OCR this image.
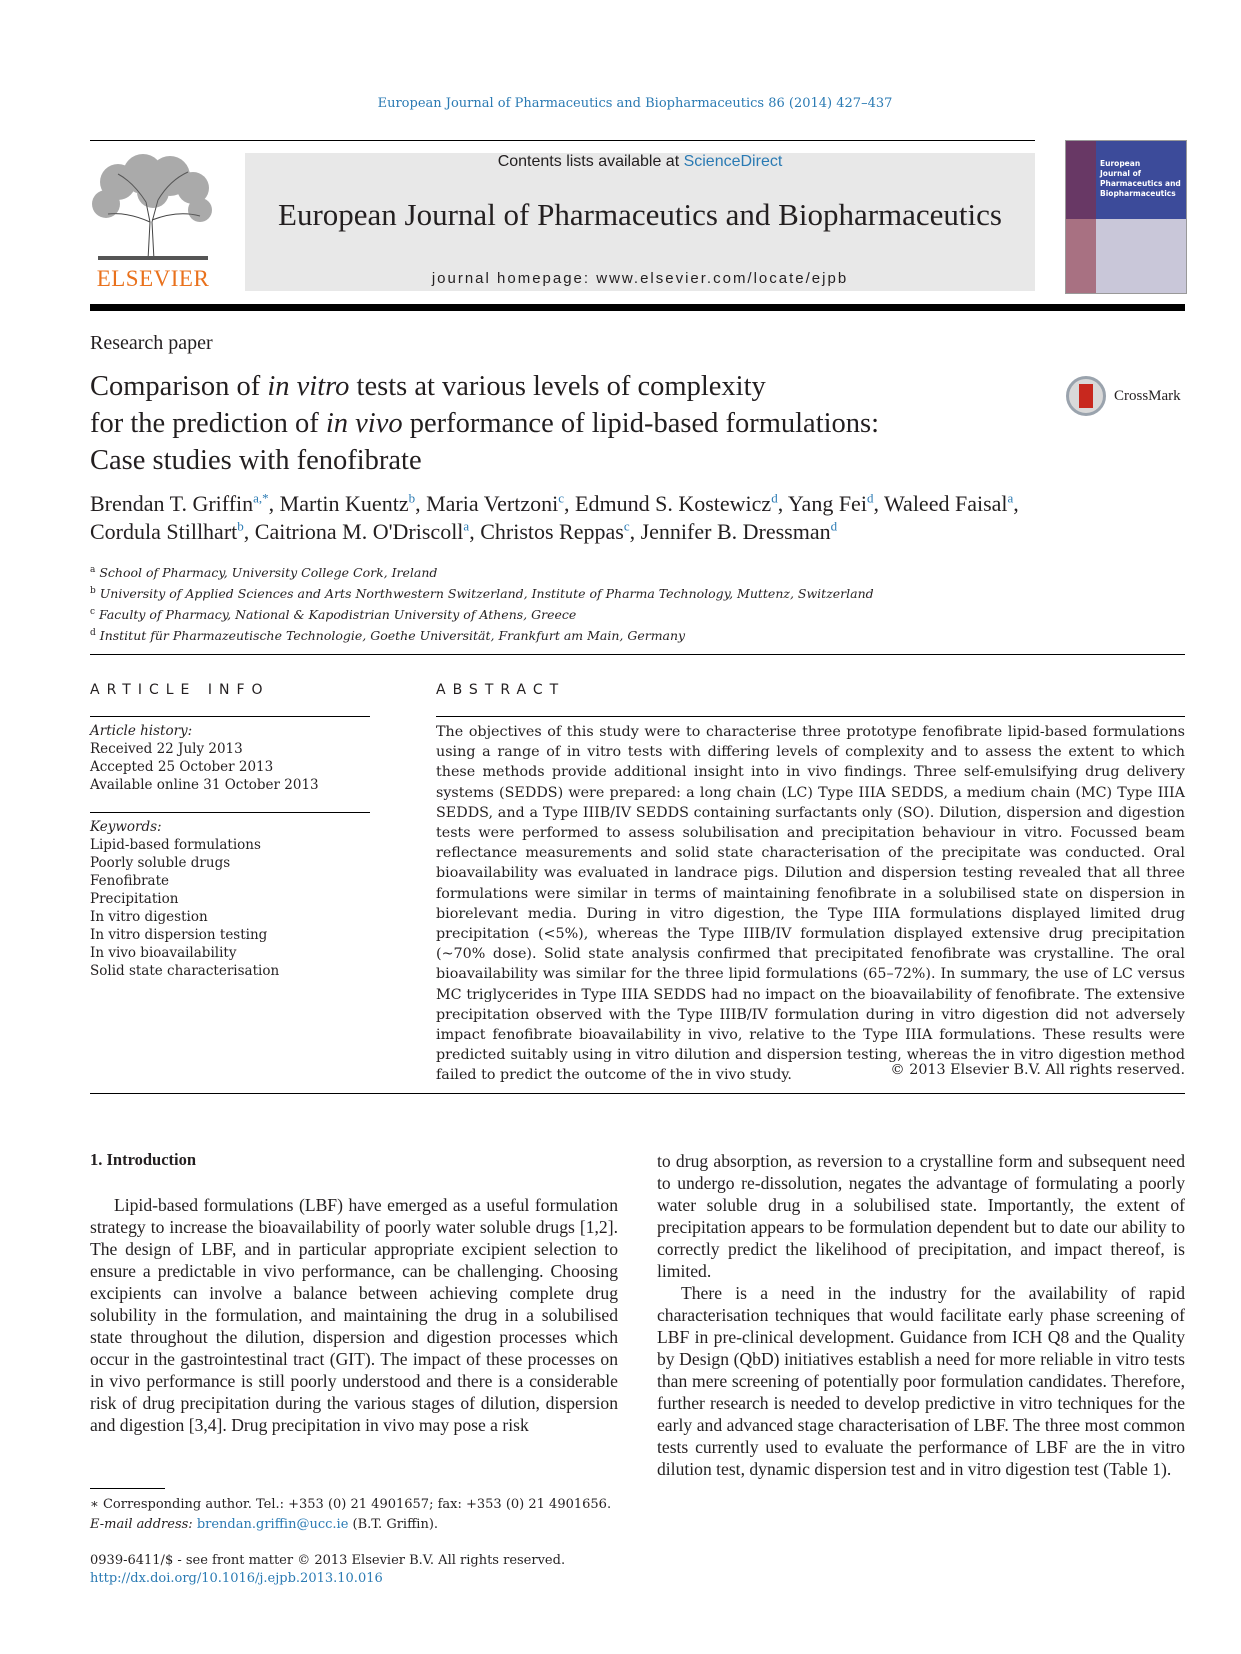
European Journal of Pharmaceutics and Biopharmaceutics 86 (2014) 427–437
ELSEVIER
Contents lists available at ScienceDirect
European Journal of Pharmaceutics and Biopharmaceutics
journal homepage: www.elsevier.com/locate/ejpb
European
Journal of
Pharmaceutics and
Biopharmaceutics
Research paper
Comparison of in vitro tests at various levels of complexity
for the prediction of in vivo performance of lipid-based formulations:
Case studies with fenofibrate
CrossMark
Brendan T. Griffin$^{a,*}$, Martin Kuentz$^b$, Maria Vertzoni$^c$, Edmund S. Kostewicz$^d$, Yang Fei$^d$, Waleed Faisal$^a$,
Cordula Stillhart$^b$, Caitriona M. O'Driscoll$^a$, Christos Reppas$^c$, Jennifer B. Dressman$^d$
$^a$ School of Pharmacy, University College Cork, Ireland
$^b$ University of Applied Sciences and Arts Northwestern Switzerland, Institute of Pharma Technology, Muttenz, Switzerland
$^c$ Faculty of Pharmacy, National & Kapodistrian University of Athens, Greece
$^d$ Institut für Pharmazeutische Technologie, Goethe Universität, Frankfurt am Main, Germany
ARTICLE INFO	ABSTRACT
Article history:
Received 22 July 2013
Accepted 25 October 2013
Available online 31 October 2013
Keywords:
Lipid-based formulations
Poorly soluble drugs
Fenofibrate
Precipitation
In vitro digestion
In vitro dispersion testing
In vivo bioavailability
Solid state characterisation
The objectives of this study were to characterise three prototype fenofibrate lipid-based formulations using a range of in vitro tests with differing levels of complexity and to assess the extent to which these methods provide additional insight into in vivo findings. Three self-emulsifying drug delivery systems (SEDDS) were prepared: a long chain (LC) Type IIIA SEDDS, a medium chain (MC) Type IIIA SEDDS, and a Type IIIB/IV SEDDS containing surfactants only (SO). Dilution, dispersion and digestion tests were performed to assess solubilisation and precipitation behaviour in vitro. Focussed beam reflectance measurements and solid state characterisation of the precipitate was conducted. Oral bioavailability was evaluated in landrace pigs. Dilution and dispersion testing revealed that all three formulations were similar in terms of maintaining fenofibrate in a solubilised state on dispersion in biorelevant media. During in vitro digestion, the Type IIIA formulations displayed limited drug precipitation (<5%), whereas the Type IIIB/IV formulation displayed extensive drug precipitation (~70% dose). Solid state analysis confirmed that precipitated fenofibrate was crystalline. The oral bioavailability was similar for the three lipid formulations (65–72%). In summary, the use of LC versus MC triglycerides in Type IIIA SEDDS had no impact on the bioavailability of fenofibrate. The extensive precipitation observed with the Type IIIB/IV formulation during in vitro digestion did not adversely impact fenofibrate bioavailability in vivo, relative to the Type IIIA formulations. These results were predicted suitably using in vitro dilution and dispersion testing, whereas the in vitro digestion method failed to predict the outcome of the in vivo study.	© 2013 Elsevier B.V. All rights reserved.
1. Introduction

Lipid-based formulations (LBF) have emerged as a useful formulation strategy to increase the bioavailability of poorly water soluble drugs [1,2]. The design of LBF, and in particular appropriate excipient selection to ensure a predictable in vivo performance, can be challenging. Choosing excipients can involve a balance between achieving complete drug solubility in the formulation, and maintaining the drug in a solubilised state throughout the dilution, dispersion and digestion processes which occur in the gastrointestinal tract (GIT). The impact of these processes on in vivo performance is still poorly understood and there is a considerable risk of drug precipitation during the various stages of dilution, dispersion and digestion [3,4]. Drug precipitation in vivo may pose a risk

to drug absorption, as reversion to a crystalline form and subsequent need to undergo re-dissolution, negates the advantage of formulating a poorly water soluble drug in a solubilised state. Importantly, the extent of precipitation appears to be formulation dependent but to date our ability to correctly predict the likelihood of precipitation, and impact thereof, is limited.

There is a need in the industry for the availability of rapid characterisation techniques that would facilitate early phase screening of LBF in pre-clinical development. Guidance from ICH Q8 and the Quality by Design (QbD) initiatives establish a need for more reliable in vitro tests than mere screening of potentially poor formulation candidates. Therefore, further research is needed to develop predictive in vitro techniques for the early and advanced stage characterisation of LBF. The three most common tests currently used to evaluate the performance of LBF are the in vitro dilution test, dynamic dispersion test and in vitro digestion test (Table 1).

∗ Corresponding author. Tel.: +353 (0) 21 4901657; fax: +353 (0) 21 4901656.
E-mail address: brendan.griffin@ucc.ie (B.T. Griffin).
0939-6411/$ - see front matter © 2013 Elsevier B.V. All rights reserved.
http://dx.doi.org/10.1016/j.ejpb.2013.10.016
